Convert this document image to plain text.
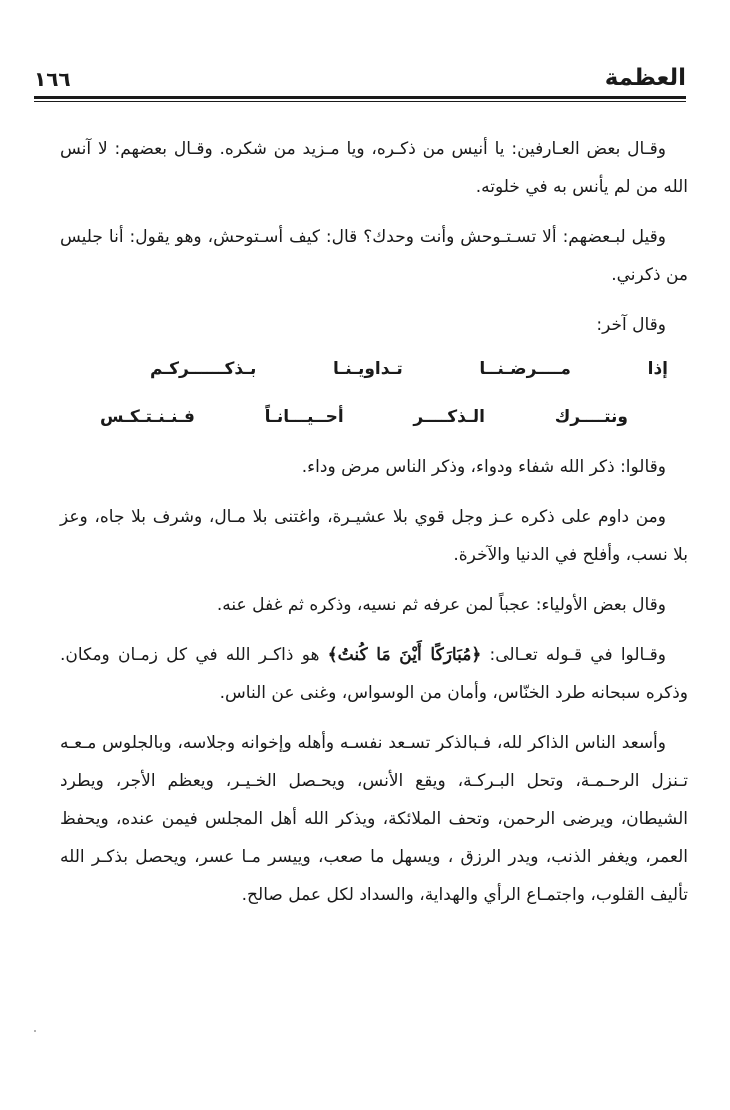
العظمة
١٦٦

وقـال بعض العـارفين: يا أنيس من ذكـره، ويا مـزيد من شكره. وقـال بعضهم: لا آنس الله من لم يأنس به في خلوته.

وقيل لبـعضهم: ألا تسـتـوحش وأنت وحدك؟ قال: كيف أسـتوحش، وهو يقول: أنا جليس من ذكرني.

وقال آخر:

إذا مــــرضـنــا تـداويـنـا بـذكــــــركـم
ونتــــرك الـذكــــر أحــيـــانـاً فـنـنـتـكـس

وقالوا: ذكر الله شفاء ودواء، وذكر الناس مرض وداء.

ومن داوم على ذكره عـز وجل قوي بلا عشيـرة، واغتنى بلا مـال، وشرف بلا جاه، وعز بلا نسب، وأفلح في الدنيا والآخرة.

وقال بعض الأولياء: عجباً لمن عرفه ثم نسيه، وذكره ثم غفل عنه.

وقـالوا في قـوله تعـالى: ﴿مُبَارَكًا أَيْنَ مَا كُنتُ﴾ هو ذاكـر الله في كل زمـان ومكان. وذكره سبحانه طرد الخنّاس، وأمان من الوسواس، وغنى عن الناس.

وأسعد الناس الذاكر لله، فـبالذكر تسـعد نفسـه وأهله وإخوانه وجلاسه، وبالجلوس مـعـه تـنزل الرحـمـة، وتحل البـركـة، ويقع الأنس، ويحـصل الخـيـر، ويعظم الأجر، ويطرد الشيطان، ويرضى الرحمن، وتحف الملائكة، ويذكر الله أهل المجلس فيمن عنده، ويحفظ العمر، ويغفر الذنب، ويدر الرزق ، ويسهل ما صعب، وييسر مـا عسر، ويحصل بذكـر الله تأليف القلوب، واجتمـاع الرأي والهداية، والسداد لكل عمل صالح.
